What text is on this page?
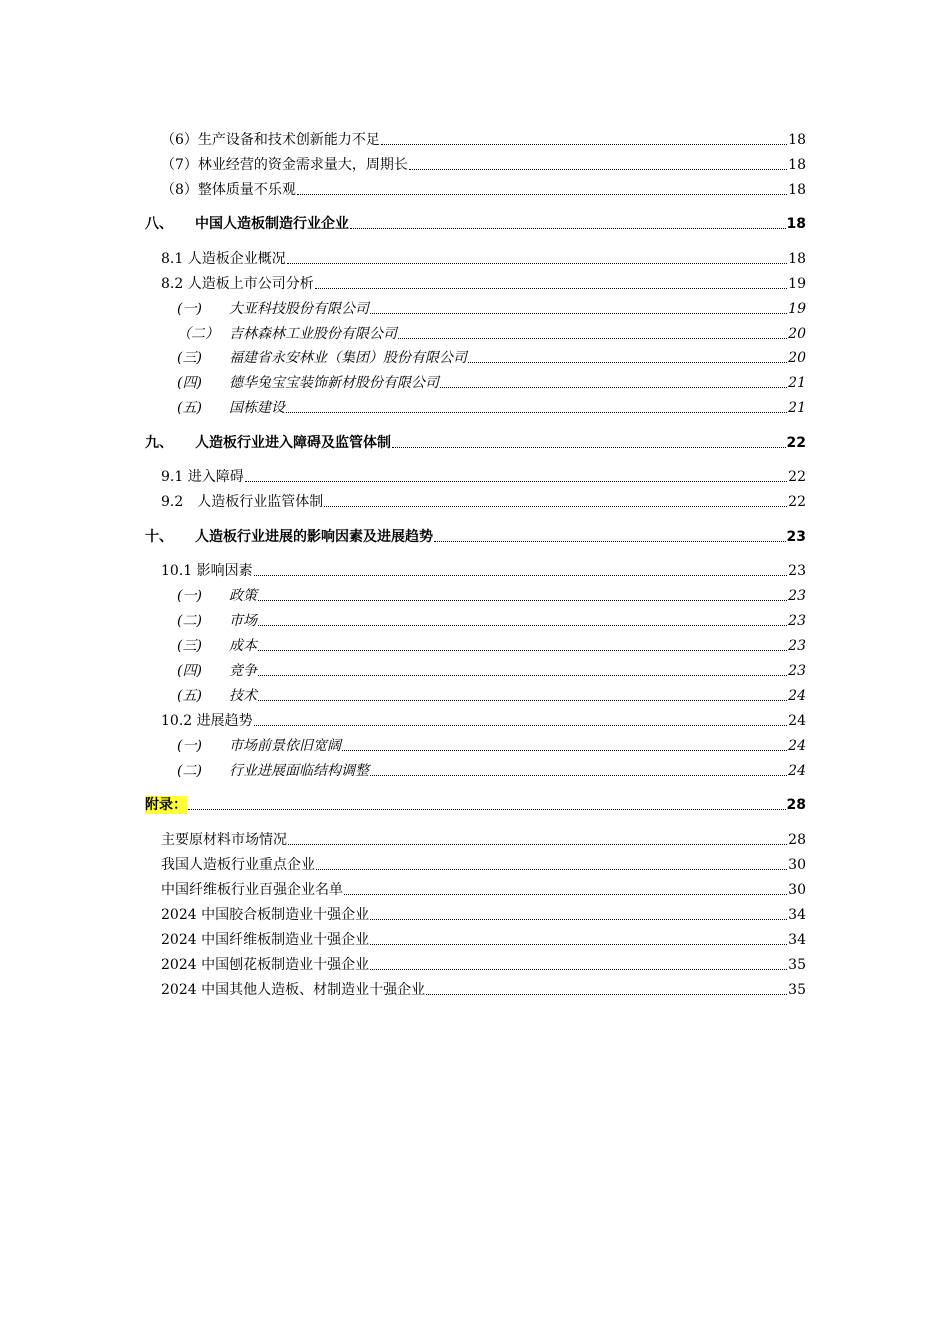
（6）生产设备和技术创新能力不足	18
（7）林业经营的资金需求量大，周期长	18
（8）整体质量不乐观	18
八、	中国人造板制造行业企业	18
8.1 人造板企业概况	18
8.2 人造板上市公司分析	19
(一)	大亚科技股份有限公司	19
（二） 吉林森林工业股份有限公司	20
(三)	福建省永安林业（集团）股份有限公司	20
(四)	德华兔宝宝装饰新材股份有限公司	21
(五)	国栋建设	21
九、	人造板行业进入障碍及监管体制	22
9.1 进入障碍	22
9.2　人造板行业监管体制	22
十、	人造板行业进展的影响因素及进展趋势	23
10.1 影响因素	23
(一)	政策	23
(二)	市场	23
(三)	成本	23
(四)	竞争	23
(五)	技术	24
10.2 进展趋势	24
(一)	市场前景依旧宽阔	24
(二)	行业进展面临结构调整	24
附录：	28
主要原材料市场情况	28
我国人造板行业重点企业	30
中国纤维板行业百强企业名单	30
2024 中国胶合板制造业十强企业	34
2024 中国纤维板制造业十强企业	34
2024 中国刨花板制造业十强企业	35
2024 中国其他人造板、材制造业十强企业	35
